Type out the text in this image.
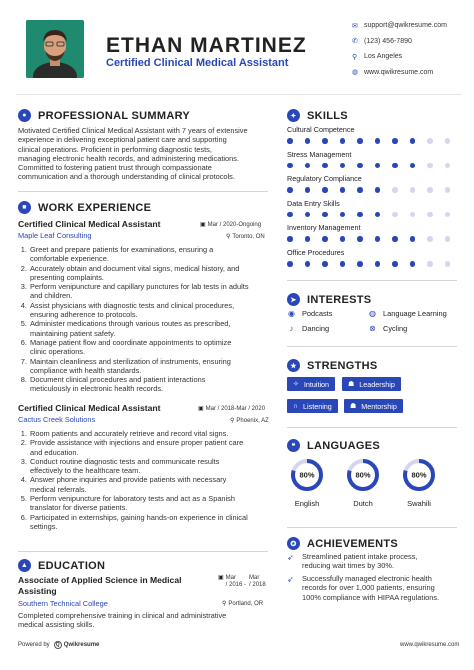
ETHAN MARTINEZ
Certified Clinical Medical Assistant
✉ support@qwikresume.com
✆ (123) 456-7890
⚲ Los Angeles
◍ www.qwikresume.com
●	PROFESSIONAL SUMMARY
Motivated Certified Clinical Medical Assistant with 7 years of extensive
experience in delivering exceptional patient care and supporting
clinical operations. Proficient in performing diagnostic tests,
managing electronic health records, and administering medications.
Committed to fostering patient trust through compassionate
communication and a thorough understanding of clinical protocols.
■	WORK EXPERIENCE
Certified Clinical Medical Assistant	▣ Mar / 2020-Ongoing
Maple Leaf Consulting	⚲ Toronto, ON
1. Greet and prepare patients for examinations, ensuring a
comfortable experience.
2. Accurately obtain and document vital signs, medical history, and
presenting complaints.
3. Perform venipuncture and capillary punctures for lab tests in adults
and children.
4. Assist physicians with diagnostic tests and clinical procedures,
ensuring adherence to protocols.
5. Administer medications through various routes as prescribed,
maintaining patient safety.
6. Manage patient flow and coordinate appointments to optimize
clinic operations.
7. Maintain cleanliness and sterilization of instruments, ensuring
compliance with health standards.
8. Document clinical procedures and patient interactions
meticulously in electronic health records.
Certified Clinical Medical Assistant	▣ Mar / 2018-Mar / 2020
Cactus Creek Solutions	⚲ Phoenix, AZ
1. Room patients and accurately retrieve and record vital signs.
2. Provide assistance with injections and ensure proper patient care
and education.
3. Conduct routine diagnostic tests and communicate results
effectively to the healthcare team.
4. Answer phone inquiries and provide patients with necessary
medical referrals.
5. Perform venipuncture for laboratory tests and act as a Spanish
translator for diverse patients.
6. Participated in externships, gaining hands-on experience in clinical
settings.
▲ EDUCATION
Associate of Applied Science in Medical
Assisting
▣ Mar
/ 2016 -
Mar
/ 2018
Southern Technical College	⚲ Portland, OR
Completed comprehensive training in clinical and administrative
medical assisting skills.
✦ SKILLS
Cultural Competence
Stress Management
Regulatory Compliance
Data Entry Skills
Inventory Management
Office Procedures
➤ INTERESTS
◉ Podcasts	◍ Language Learning
♪	Dancing	⊗ Cycling
★ STRENGTHS
✧ Intuition	☗ Leadership
∩ Listening	☗ Mentorship
❝	LANGUAGES
80%
English
80%
Dutch
80%
Swahili
✪ ACHIEVEMENTS
➶ Streamlined patient intake process,
reducing wait times by 30%.
➶ Successfully managed electronic health
records for over 1,000 patients, ensuring
100% compliance with HIPAA regulations.
Powered by	Q Qwikresume	www.qwikresume.com
